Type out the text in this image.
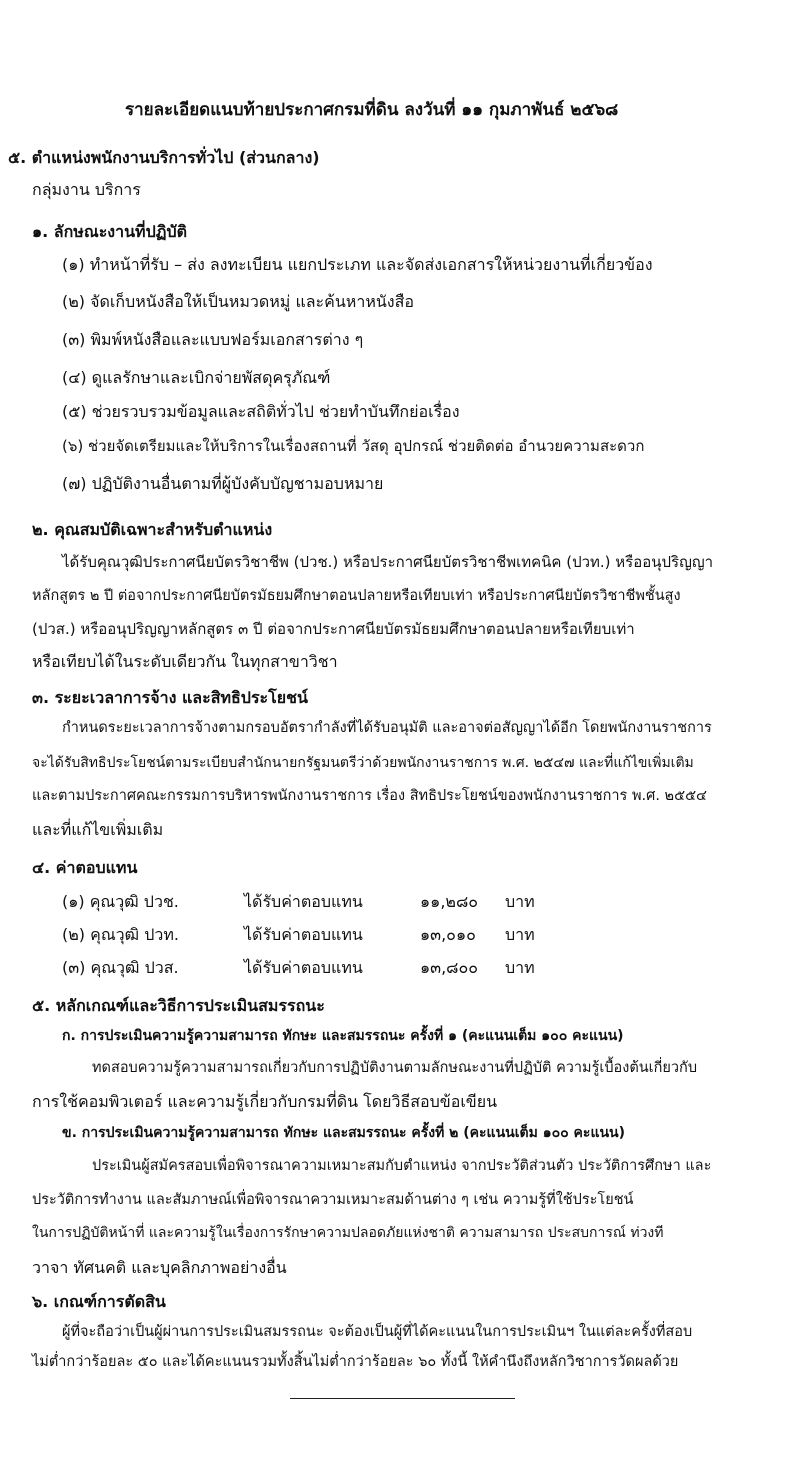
รายละเอียดแนบท้ายประกาศกรมที่ดิน ลงวันที่ ๑๑ กุมภาพันธ์ ๒๕๖๘
๕. ตำแหน่งพนักงานบริการทั่วไป (ส่วนกลาง)
กลุ่มงาน บริการ
๑. ลักษณะงานที่ปฏิบัติ
(๑) ทำหน้าที่รับ – ส่ง ลงทะเบียน แยกประเภท และจัดส่งเอกสารให้หน่วยงานที่เกี่ยวข้อง
(๒) จัดเก็บหนังสือให้เป็นหมวดหมู่ และค้นหาหนังสือ
(๓) พิมพ์หนังสือและแบบฟอร์มเอกสารต่าง ๆ
(๔) ดูแลรักษาและเบิกจ่ายพัสดุครุภัณฑ์
(๕) ช่วยรวบรวมข้อมูลและสถิติทั่วไป ช่วยทำบันทึกย่อเรื่อง
(๖) ช่วยจัดเตรียมและให้บริการในเรื่องสถานที่ วัสดุ อุปกรณ์ ช่วยติดต่อ อำนวยความสะดวก
(๗) ปฏิบัติงานอื่นตามที่ผู้บังคับบัญชามอบหมาย
๒. คุณสมบัติเฉพาะสำหรับตำแหน่ง
ได้รับคุณวุฒิประกาศนียบัตรวิชาชีพ (ปวช.) หรือประกาศนียบัตรวิชาชีพเทคนิค (ปวท.) หรืออนุปริญญา
หลักสูตร ๒ ปี ต่อจากประกาศนียบัตรมัธยมศึกษาตอนปลายหรือเทียบเท่า หรือประกาศนียบัตรวิชาชีพชั้นสูง
(ปวส.) หรืออนุปริญญาหลักสูตร ๓ ปี ต่อจากประกาศนียบัตรมัธยมศึกษาตอนปลายหรือเทียบเท่า
หรือเทียบได้ในระดับเดียวกัน ในทุกสาขาวิชา
๓. ระยะเวลาการจ้าง และสิทธิประโยชน์
กำหนดระยะเวลาการจ้างตามกรอบอัตรากำลังที่ได้รับอนุมัติ และอาจต่อสัญญาได้อีก โดยพนักงานราชการ
จะได้รับสิทธิประโยชน์ตามระเบียบสำนักนายกรัฐมนตรีว่าด้วยพนักงานราชการ พ.ศ. ๒๕๔๗ และที่แก้ไขเพิ่มเติม
และตามประกาศคณะกรรมการบริหารพนักงานราชการ เรื่อง สิทธิประโยชน์ของพนักงานราชการ พ.ศ. ๒๕๕๔
และที่แก้ไขเพิ่มเติม
๔. ค่าตอบแทน
(๑) คุณวุฒิ ปวช.	ได้รับค่าตอบแทน	๑๑,๒๘๐ บาท
(๒) คุณวุฒิ ปวท.	ได้รับค่าตอบแทน	๑๓,๐๑๐ บาท
(๓) คุณวุฒิ ปวส.	ได้รับค่าตอบแทน	๑๓,๘๐๐ บาท
๕. หลักเกณฑ์และวิธีการประเมินสมรรถนะ
ก. การประเมินความรู้ความสามารถ ทักษะ และสมรรถนะ ครั้งที่ ๑ (คะแนนเต็ม ๑๐๐ คะแนน)
ทดสอบความรู้ความสามารถเกี่ยวกับการปฏิบัติงานตามลักษณะงานที่ปฏิบัติ ความรู้เบื้องต้นเกี่ยวกับ
การใช้คอมพิวเตอร์ และความรู้เกี่ยวกับกรมที่ดิน โดยวิธีสอบข้อเขียน
ข. การประเมินความรู้ความสามารถ ทักษะ และสมรรถนะ ครั้งที่ ๒ (คะแนนเต็ม ๑๐๐ คะแนน)
ประเมินผู้สมัครสอบเพื่อพิจารณาความเหมาะสมกับตำแหน่ง จากประวัติส่วนตัว ประวัติการศึกษา และ
ประวัติการทำงาน และสัมภาษณ์เพื่อพิจารณาความเหมาะสมด้านต่าง ๆ เช่น ความรู้ที่ใช้ประโยชน์
ในการปฏิบัติหน้าที่ และความรู้ในเรื่องการรักษาความปลอดภัยแห่งชาติ ความสามารถ ประสบการณ์ ท่วงที
วาจา ทัศนคติ และบุคลิกภาพอย่างอื่น
๖. เกณฑ์การตัดสิน
ผู้ที่จะถือว่าเป็นผู้ผ่านการประเมินสมรรถนะ จะต้องเป็นผู้ที่ได้คะแนนในการประเมินฯ ในแต่ละครั้งที่สอบ
ไม่ต่ำกว่าร้อยละ ๕๐ และได้คะแนนรวมทั้งสิ้นไม่ต่ำกว่าร้อยละ ๖๐ ทั้งนี้ ให้คำนึงถึงหลักวิชาการวัดผลด้วย
